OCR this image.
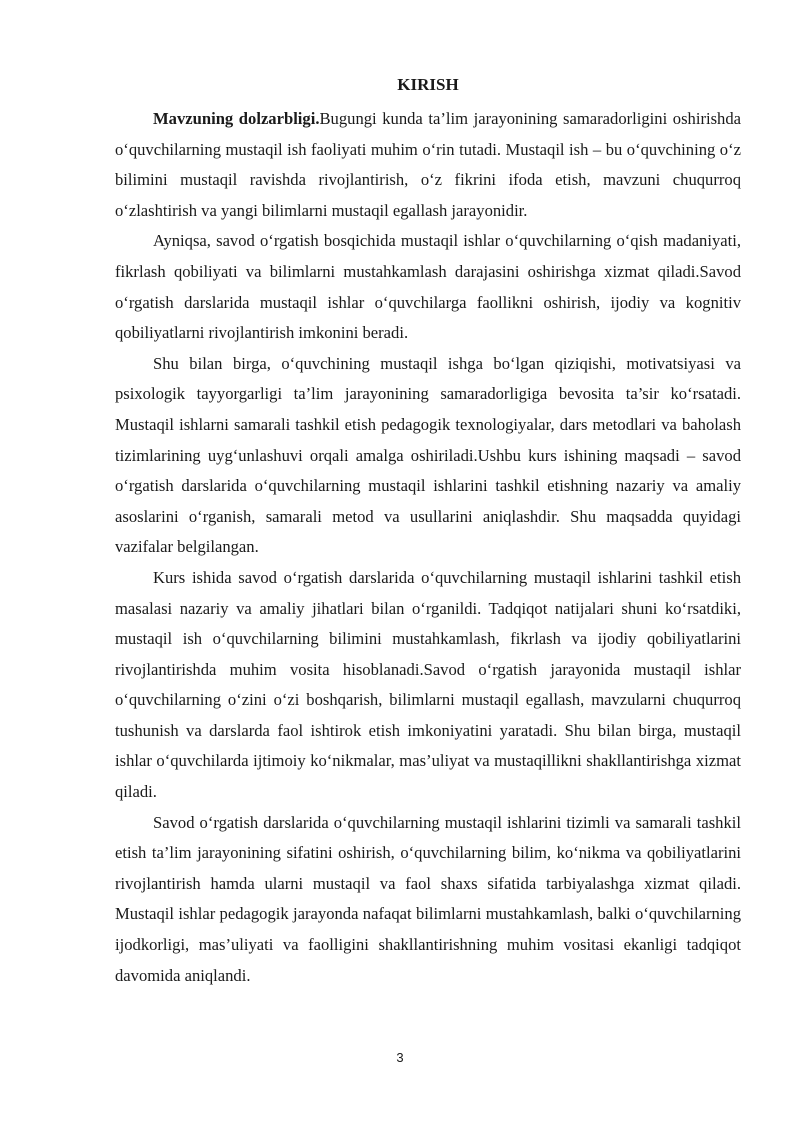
KIRISH

Mavzuning dolzarbligi.Bugungi kunda ta’lim jarayonining samaradorligini oshirishda o‘quvchilarning mustaqil ish faoliyati muhim o‘rin tutadi. Mustaqil ish – bu o‘quvchining o‘z bilimini mustaqil ravishda rivojlantirish, o‘z fikrini ifoda etish, mavzuni chuqurroq o‘zlashtirish va yangi bilimlarni mustaqil egallash jarayonidir.

Ayniqsa, savod o‘rgatish bosqichida mustaqil ishlar o‘quvchilarning o‘qish madaniyati, fikrlash qobiliyati va bilimlarni mustahkamlash darajasini oshirishga xizmat qiladi.Savod o‘rgatish darslarida mustaqil ishlar o‘quvchilarga faollikni oshirish, ijodiy va kognitiv qobiliyatlarni rivojlantirish imkonini beradi.

Shu bilan birga, o‘quvchining mustaqil ishga bo‘lgan qiziqishi, motivatsiyasi va psixologik tayyorgarligi ta’lim jarayonining samaradorligiga bevosita ta’sir ko‘rsatadi. Mustaqil ishlarni samarali tashkil etish pedagogik texnologiyalar, dars metodlari va baholash tizimlarining uyg‘unlashuvi orqali amalga oshiriladi.Ushbu kurs ishining maqsadi – savod o‘rgatish darslarida o‘quvchilarning mustaqil ishlarini tashkil etishning nazariy va amaliy asoslarini o‘rganish, samarali metod va usullarini aniqlashdir. Shu maqsadda quyidagi vazifalar belgilangan.

Kurs ishida savod o‘rgatish darslarida o‘quvchilarning mustaqil ishlarini tashkil etish masalasi nazariy va amaliy jihatlari bilan o‘rganildi. Tadqiqot natijalari shuni ko‘rsatdiki, mustaqil ish o‘quvchilarning bilimini mustahkamlash, fikrlash va ijodiy qobiliyatlarini rivojlantirishda muhim vosita hisoblanadi.Savod o‘rgatish jarayonida mustaqil ishlar o‘quvchilarning o‘zini o‘zi boshqarish, bilimlarni mustaqil egallash, mavzularni chuqurroq tushunish va darslarda faol ishtirok etish imkoniyatini yaratadi. Shu bilan birga, mustaqil ishlar o‘quvchilarda ijtimoiy ko‘nikmalar, mas’uliyat va mustaqillikni shakllantirishga xizmat qiladi.

Savod o‘rgatish darslarida o‘quvchilarning mustaqil ishlarini tizimli va samarali tashkil etish ta’lim jarayonining sifatini oshirish, o‘quvchilarning bilim, ko‘nikma va qobiliyatlarini rivojlantirish hamda ularni mustaqil va faol shaxs sifatida tarbiyalashga xizmat qiladi. Mustaqil ishlar pedagogik jarayonda nafaqat bilimlarni mustahkamlash, balki o‘quvchilarning ijodkorligi, mas’uliyati va faolligini shakllantirishning muhim vositasi ekanligi tadqiqot davomida aniqlandi.

3
